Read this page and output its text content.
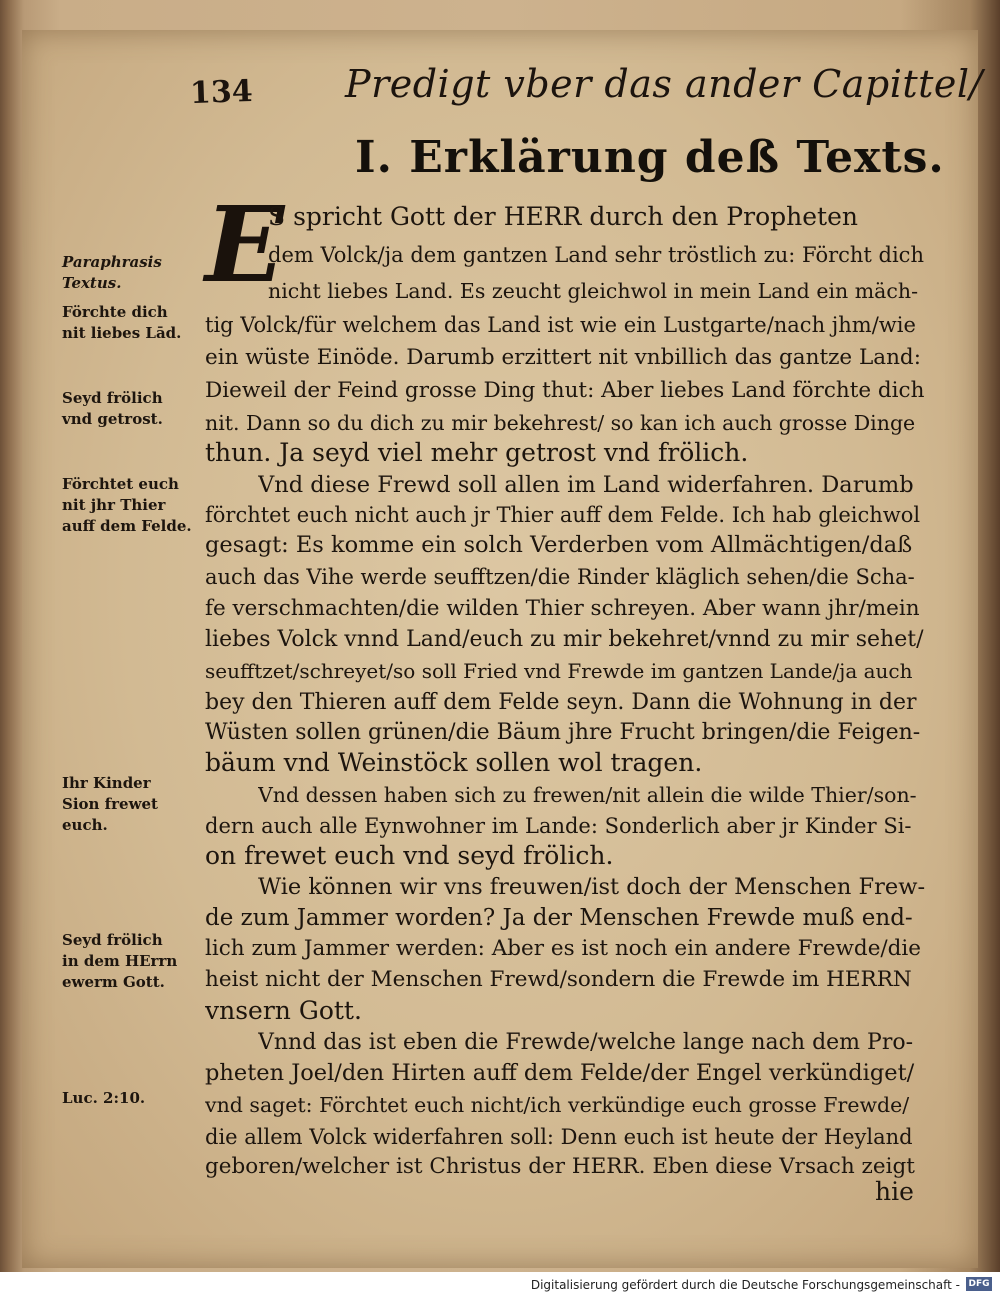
134 Predigt vber das ander Capittel/
I. Erklärung deß Texts.
E
S spricht Gott der HERR durch den Propheten
dem Volck/ja dem gantzen Land sehr tröstlich zu: Förcht dich
nicht liebes Land. Es zeucht gleichwol in mein Land ein mäch-
tig Volck/für welchem das Land ist wie ein Lustgarte/nach jhm/wie
ein wüste Einöde. Darumb erzittert nit vnbillich das gantze Land:
Dieweil der Feind grosse Ding thut: Aber liebes Land förchte dich
nit. Dann so du dich zu mir bekehrest/ so kan ich auch grosse Dinge
thun. Ja seyd viel mehr getrost vnd frölich.
Vnd diese Frewd soll allen im Land widerfahren. Darumb
förchtet euch nicht auch jr Thier auff dem Felde. Ich hab gleichwol
gesagt: Es komme ein solch Verderben vom Allmächtigen/daß
auch das Vihe werde seufftzen/die Rinder kläglich sehen/die Scha-
fe verschmachten/die wilden Thier schreyen. Aber wann jhr/mein
liebes Volck vnnd Land/euch zu mir bekehret/vnnd zu mir sehet/
seufftzet/schreyet/so soll Fried vnd Frewde im gantzen Lande/ja auch
bey den Thieren auff dem Felde seyn. Dann die Wohnung in der
Wüsten sollen grünen/die Bäum jhre Frucht bringen/die Feigen-
bäum vnd Weinstöck sollen wol tragen.
Vnd dessen haben sich zu frewen/nit allein die wilde Thier/son-
dern auch alle Eynwohner im Lande: Sonderlich aber jr Kinder Si-
on frewet euch vnd seyd frölich.
Wie können wir vns freuwen/ist doch der Menschen Frew-
de zum Jammer worden? Ja der Menschen Frewde muß end-
lich zum Jammer werden: Aber es ist noch ein andere Frewde/die
heist nicht der Menschen Frewd/sondern die Frewde im HERRN
vnsern Gott.
Vnnd das ist eben die Frewde/welche lange nach dem Pro-
pheten Joel/den Hirten auff dem Felde/der Engel verkündiget/
vnd saget: Förchtet euch nicht/ich verkündige euch grosse Frewde/
die allem Volck widerfahren soll: Denn euch ist heute der Heyland
geboren/welcher ist Christus der HERR. Eben diese Vrsach zeigt
hie
Paraphrasis
Textus.
Förchte dich
nit liebes Lād.
Seyd frölich
vnd getrost.
Förchtet euch
nit jhr Thier
auff dem Felde.
Ihr Kinder
Sion frewet
euch.
Seyd frölich
in dem HErrn
ewerm Gott.
Luc. 2:10.
Digitalisierung gefördert durch die Deutsche Forschungsgemeinschaft - DFG
